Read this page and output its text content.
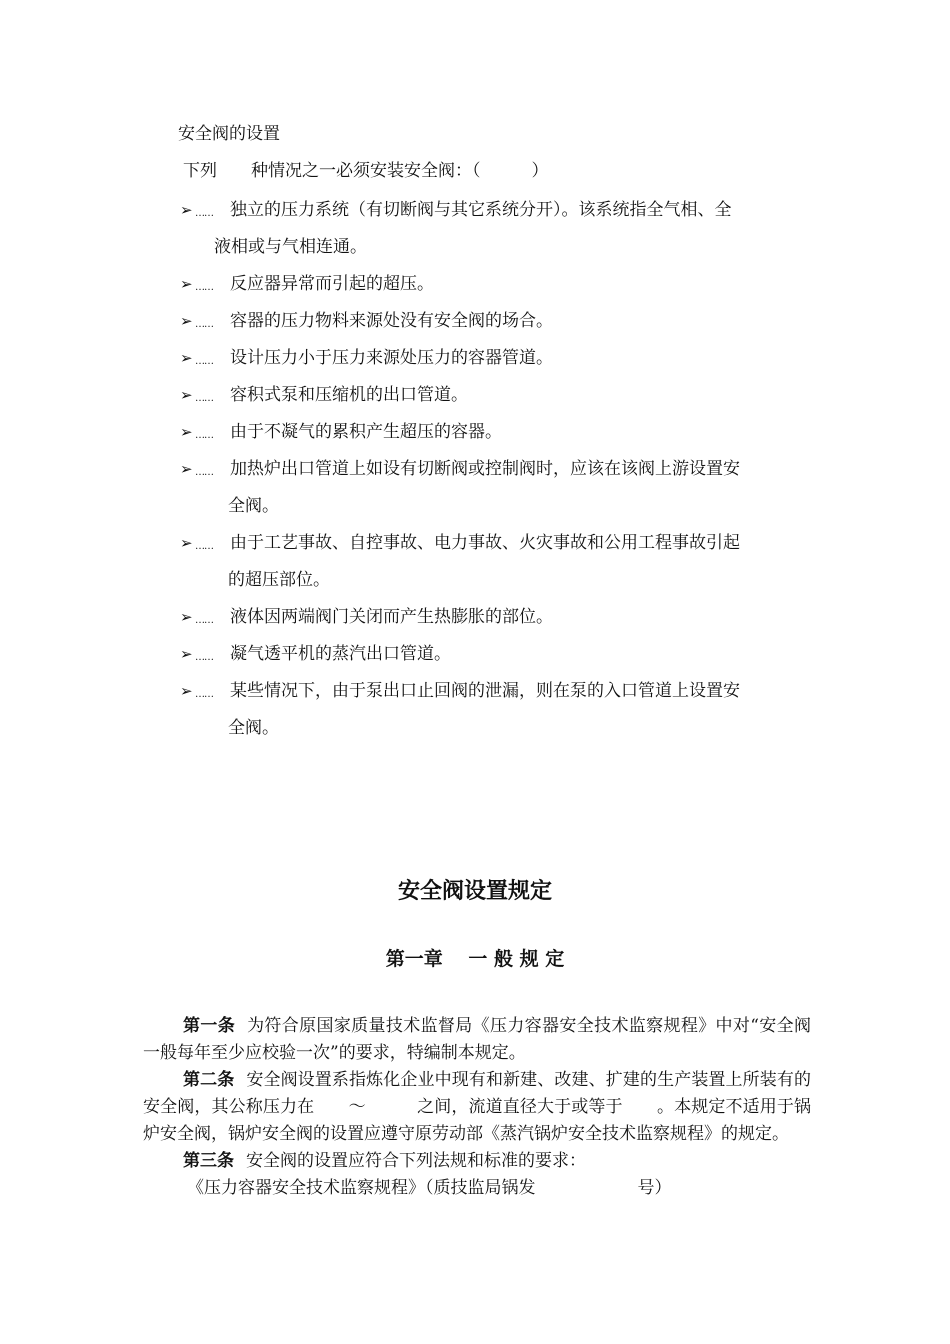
安全阀的设置
下列　　种情况之一必须安装安全阀：（　　　）
➢ …… 独立的压力系统（有切断阀与其它系统分开）。该系统指全气相、全
液相或与气相连通。
➢ …… 反应器异常而引起的超压。
➢ …… 容器的压力物料来源处没有安全阀的场合。
➢ …… 设计压力小于压力来源处压力的容器管道。
➢ …… 容积式泵和压缩机的出口管道。
➢ …… 由于不凝气的累积产生超压的容器。
➢ …… 加热炉出口管道上如设有切断阀或控制阀时，应该在该阀上游设置安
全阀。
➢ …… 由于工艺事故、自控事故、电力事故、火灾事故和公用工程事故引起
的超压部位。
➢ …… 液体因两端阀门关闭而产生热膨胀的部位。
➢ …… 凝气透平机的蒸汽出口管道。
➢ …… 某些情况下，由于泵出口止回阀的泄漏，则在泵的入口管道上设置安
全阀。
安全阀设置规定
第一章　 一 般 规 定

第一条 为符合原国家质量技术监督局《压力容器安全技术监察规程》中对“安全阀一般每年至少应校验一次”的要求，特编制本规定。

第二条 安全阀设置系指炼化企业中现有和新建、改建、扩建的生产装置上所装有的安全阀，其公称压力在　　～　　　之间，流道直径大于或等于　　。本规定不适用于锅炉安全阀，锅炉安全阀的设置应遵守原劳动部《蒸汽锅炉安全技术监察规程》的规定。

第三条 安全阀的设置应符合下列法规和标准的要求：

《压力容器安全技术监察规程》（质技监局锅发　　　　　　号）
